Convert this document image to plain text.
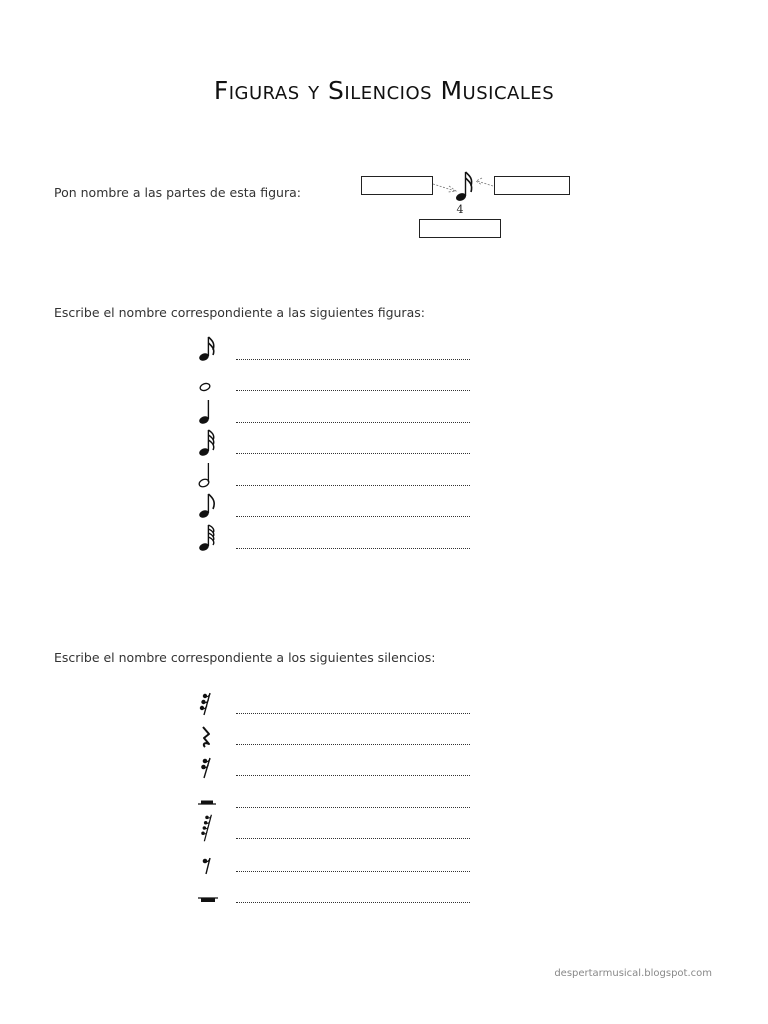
Figuras y Silencios Musicales
Pon nombre a las partes de esta figura:
4
Escribe el nombre correspondiente a las siguientes figuras:
Escribe el nombre correspondiente a los siguientes silencios:
despertarmusical.blogspot.com
